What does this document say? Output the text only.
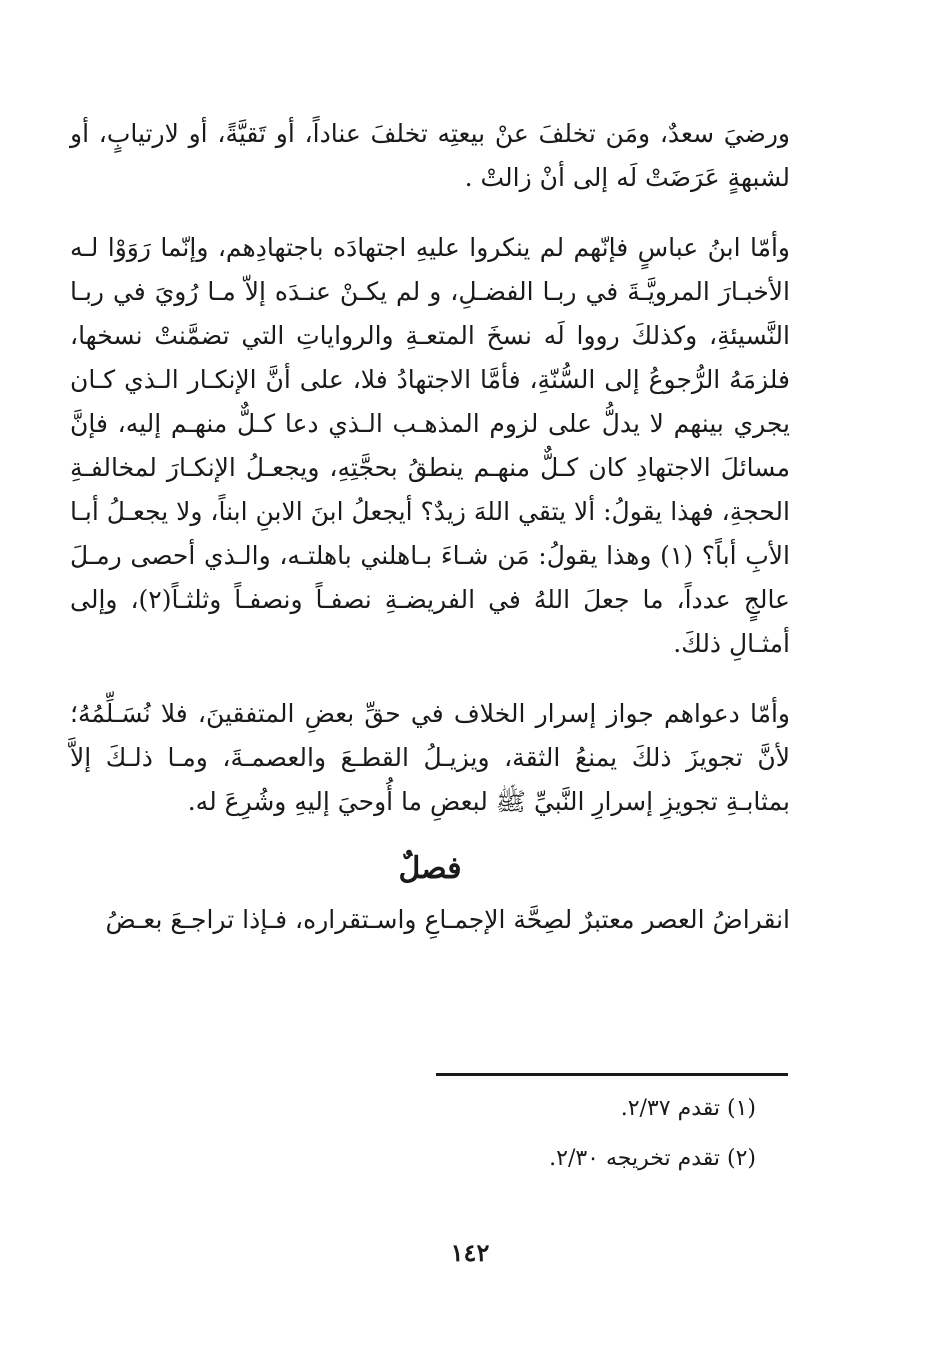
ورضيَ سعدٌ، ومَن تخلفَ عنْ بيعتِه تخلفَ عناداً، أو تَقيَّةً، أو لارتيابٍ، أو لشبهةٍ عَرَضَتْ لَه إلى أنْ زالتْ .

وأمّا ابنُ عباسٍ فإنّهم لم ينكروا عليهِ اجتهادَه باجتهادِهم، وإنّما رَوَوْا لـه الأخبـارَ المرويَّـةَ في ربـا الفضـلِ، و لم يكـنْ عنـدَه إلاّ مـا رُويَ في ربـا النَّسيئةِ، وكذلكَ رووا لَه نسخَ المتعـةِ والرواياتِ التي تضمَّنتْ نسخها، فلزمَهُ الرُّجوعُ إلى السُّنّةِ، فأمَّا الاجتهادُ فلا، على أنَّ الإنكـار الـذي كـان يجري بينهم لا يدلُّ على لزوم المذهـب الـذي دعا كـلٌّ منهـم إليه، فإنَّ مسائلَ الاجتهادِ كان كـلٌّ منهـم ينطقُ بحجَّتِهِ، ويجعـلُ الإنكـارَ لمخالفـةِ الحجةِ، فهذا يقولُ: ألا يتقي اللهَ زيدٌ؟ أيجعلُ ابنَ الابنِ ابناً، ولا يجعـلُ أبـا الأبِ أباً؟ (١) وهذا يقولُ: مَن شـاءَ بـاهلني باهلتـه، والـذي أحصى رمـلَ عالجٍ عدداً، ما جعلَ اللهُ في الفريضـةِ نصفـاً ونصفـاً وثلثـاً(٢)، وإلى أمثـالِ ذلكَ.

وأمّا دعواهم جواز إسرار الخلاف في حقِّ بعضِ المتفقينَ، فلا نُسَـلِّمُهُ؛ لأنَّ تجويزَ ذلكَ يمنعُ الثقة، ويزيـلُ القطـعَ والعصمـةَ، ومـا ذلـكَ إلاَّ بمثابـةِ تجويزِ إسرارِ النَّبيِّ ﷺ لبعضِ ما أُوحيَ إليهِ وشُرِعَ له.

فصلٌ

انقراضُ العصر معتبرٌ لصِحَّة الإجمـاعِ واسـتقراره، فـإذا تراجـعَ بعـضُ

(١) تقدم ٢/٣٧.

(٢) تقدم تخريجه ٢/٣٠.

١٤٢
